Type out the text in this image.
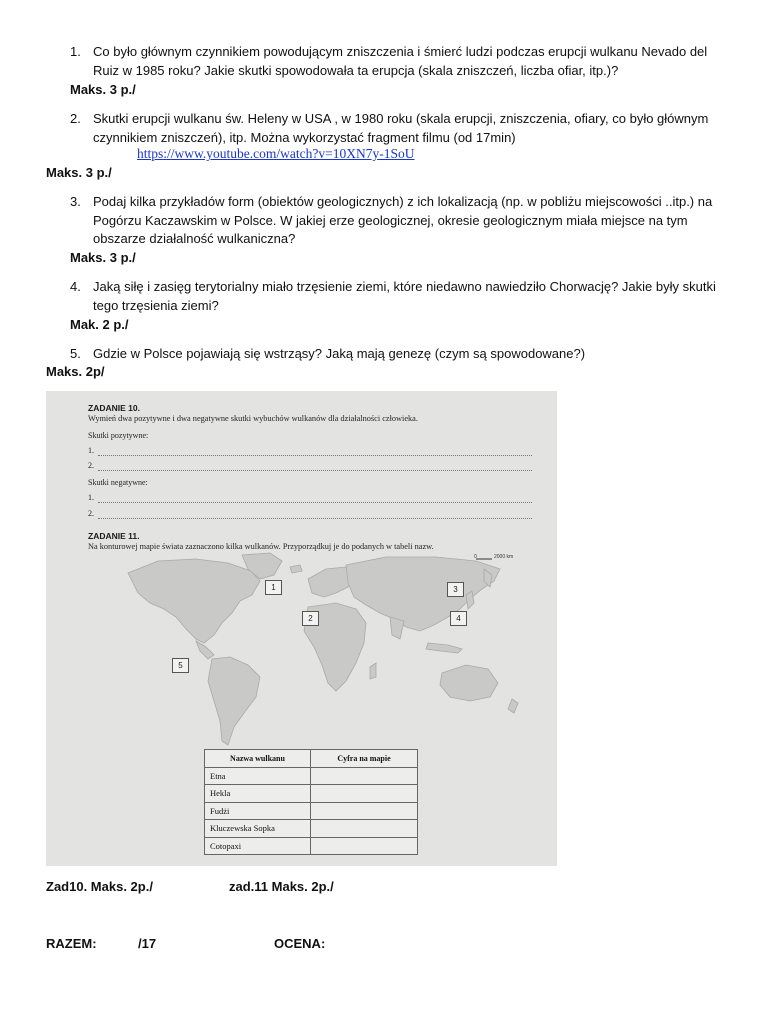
1. Co było głównym czynnikiem powodującym zniszczenia i śmierć ludzi podczas erupcji wulkanu Nevado del Ruiz w 1985 roku? Jakie skutki spowodowała ta erupcja (skala zniszczeń, liczba ofiar, itp.)?
Maks. 3 p./
2. Skutki erupcji wulkanu św. Heleny w USA , w 1980 roku (skala erupcji, zniszczenia, ofiary, co było głównym czynnikiem zniszczeń), itp. Można wykorzystać fragment filmu (od 17min)
https://www.youtube.com/watch?v=10XN7y-1SoU
Maks. 3 p./
3. Podaj kilka przykładów form (obiektów geologicznych) z ich lokalizacją (np. w pobliżu miejscowości ..itp.) na Pogórzu Kaczawskim w Polsce. W jakiej erze geologicznej, okresie geologicznym miała miejsce na tym obszarze działalność wulkaniczna?
Maks. 3 p./
4. Jaką siłę i zasięg terytorialny miało trzęsienie ziemi, które niedawno nawiedziło Chorwację? Jakie były skutki tego trzęsienia ziemi?
Mak. 2 p./
5. Gdzie w Polsce pojawiają się wstrząsy? Jaką mają genezę (czym są spowodowane?)
Maks. 2p/
ZADANIE 10.
Wymień dwa pozytywne i dwa negatywne skutki wybuchów wulkanów dla działalności człowieka.
Skutki pozytywne:
1.
2.
Skutki negatywne:
1.
2.
ZADANIE 11.
Na konturowej mapie świata zaznaczono kilka wulkanów. Przyporządkuj je do podanych w tabeli nazw.
0	2000 km
1
2
3
4
5
Nazwa wulkanu	Cyfra na mapie
Etna	
Hekla	
Fudżi	
Kluczewska Sopka	
Cotopaxi	
Zad10. Maks. 2p./	zad.11 Maks. 2p./
RAZEM:	/17	OCENA:
